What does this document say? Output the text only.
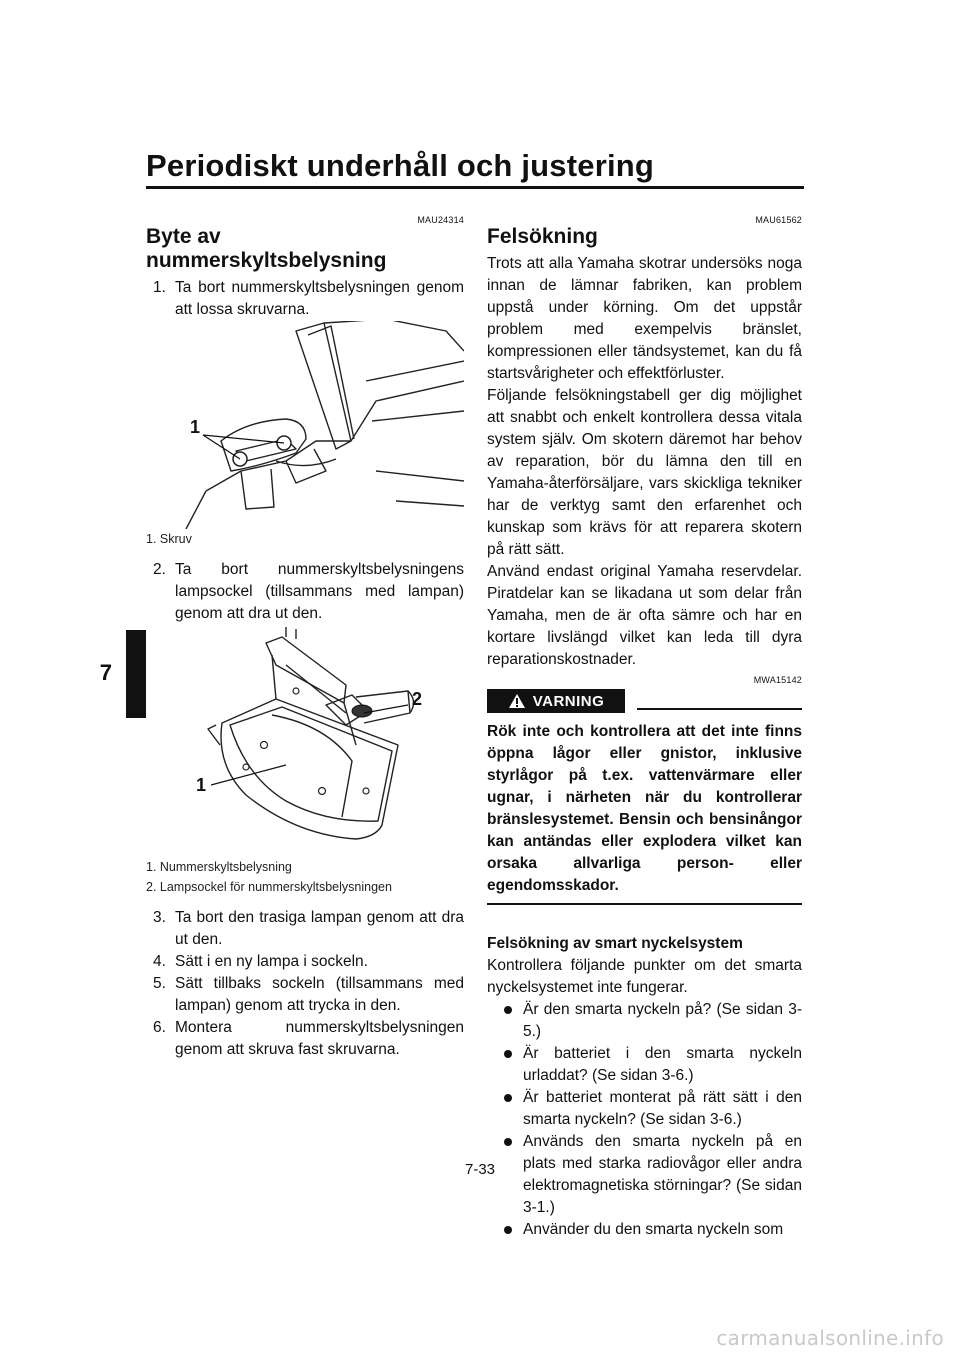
Periodiskt underhåll och justering
7
MAU24314
Byte av nummerskyltsbelysning
1. Ta bort nummerskyltsbelysningen genom att lossa skruvarna.
1

1. Skruv

2. Ta bort nummerskyltsbelysningens lampsockel (tillsammans med lampan) genom att dra ut den.
1
2

1. Nummerskyltsbelysning

2. Lampsockel för nummerskyltsbelysningen

3. Ta bort den trasiga lampan genom att dra ut den.
4. Sätt i en ny lampa i sockeln.
5. Sätt tillbaks sockeln (tillsammans med lampan) genom att trycka in den.
6. Montera nummerskyltsbelysningen genom att skruva fast skruvarna.
MAU61562
Felsökning

Trots att alla Yamaha skotrar undersöks noga innan de lämnar fabriken, kan problem uppstå under körning. Om det uppstår problem med exempelvis bränslet, kompressionen eller tändsystemet, kan du få startsvårigheter och effektförluster.

Följande felsökningstabell ger dig möjlighet att snabbt och enkelt kontrollera dessa vitala system själv. Om skotern däremot har behov av reparation, bör du lämna den till en Yamaha-återförsäljare, vars skickliga tekniker har de verktyg samt den erfarenhet och kunskap som krävs för att reparera skotern på rätt sätt.

Använd endast original Yamaha reservdelar. Piratdelar kan se likadana ut som delar från Yamaha, men de är ofta sämre och har en kortare livslängd vilket kan leda till dyra reparationskostnader.

MWA15142
VARNING

Rök inte och kontrollera att det inte finns öppna lågor eller gnistor, inklusive styrlågor på t.ex. vattenvärmare eller ugnar, i närheten när du kontrollerar bränslesystemet. Bensin och bensinångor kan antändas eller explodera vilket kan orsaka allvarliga person- eller egendomsskador.

Felsökning av smart nyckelsystem

Kontrollera följande punkter om det smarta nyckelsystemet inte fungerar.

Är den smarta nyckeln på? (Se sidan 3-5.)
Är batteriet i den smarta nyckeln urladdat? (Se sidan 3-6.)
Är batteriet monterat på rätt sätt i den smarta nyckeln? (Se sidan 3-6.)
Används den smarta nyckeln på en plats med starka radiovågor eller andra elektromagnetiska störningar? (Se sidan 3-1.)
Använder du den smarta nyckeln som
7-33
carmanualsonline.info
